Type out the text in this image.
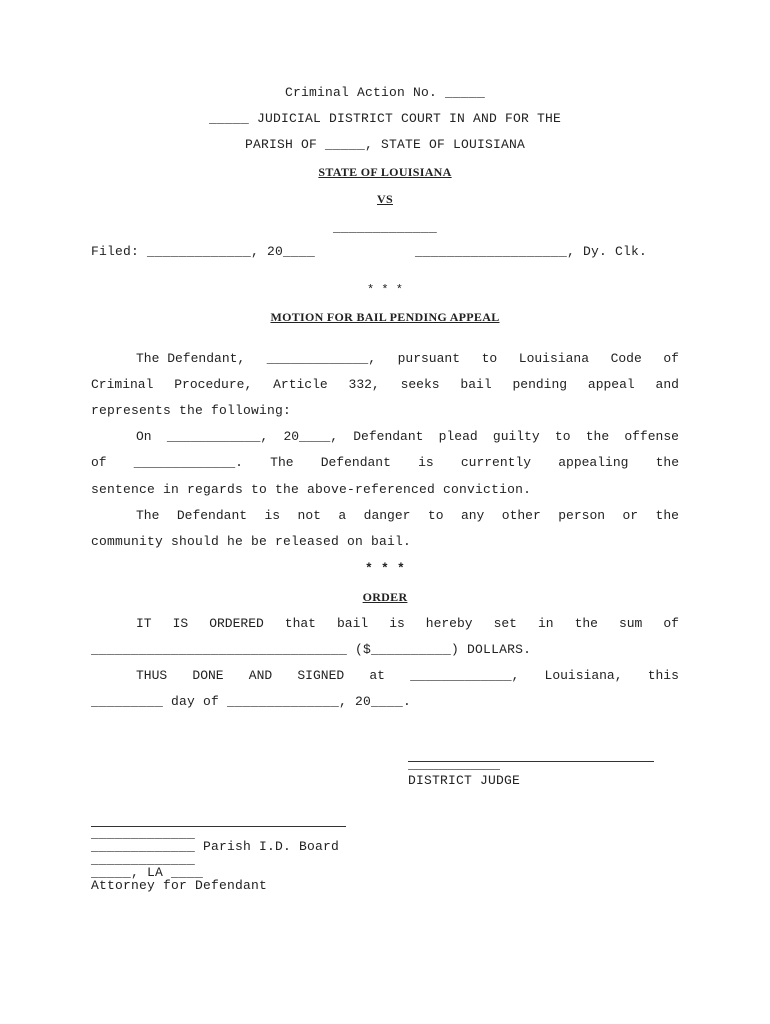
Criminal Action No. _____
_____ JUDICIAL DISTRICT COURT IN AND FOR THE
PARISH OF _____, STATE OF LOUISIANA
STATE OF LOUISIANA
VS
_____________
Filed: _____________, 20____	___________________, Dy. Clk.
* * *
MOTION FOR BAIL PENDING APPEAL
The Defendant, _____________, pursuant to Louisiana Code of
Criminal Procedure, Article 332, seeks bail pending appeal and
represents the following:
On ____________, 20____, Defendant plead guilty to the offense
of _____________. The Defendant is currently appealing the
sentence in regards to the above-referenced conviction.
The Defendant is not a danger to any other person or the
community should he be released on bail.
* * *
ORDER
IT IS ORDERED that bail is hereby set in the sum of
________________________________ ($__________) DOLLARS.
THUS DONE AND SIGNED at _____________, Louisiana, this
_________ day of ______________, 20____.
DISTRICT JUDGE
_____________
_____________ Parish I.D. Board
_____________
_____, LA ____
Attorney for Defendant
